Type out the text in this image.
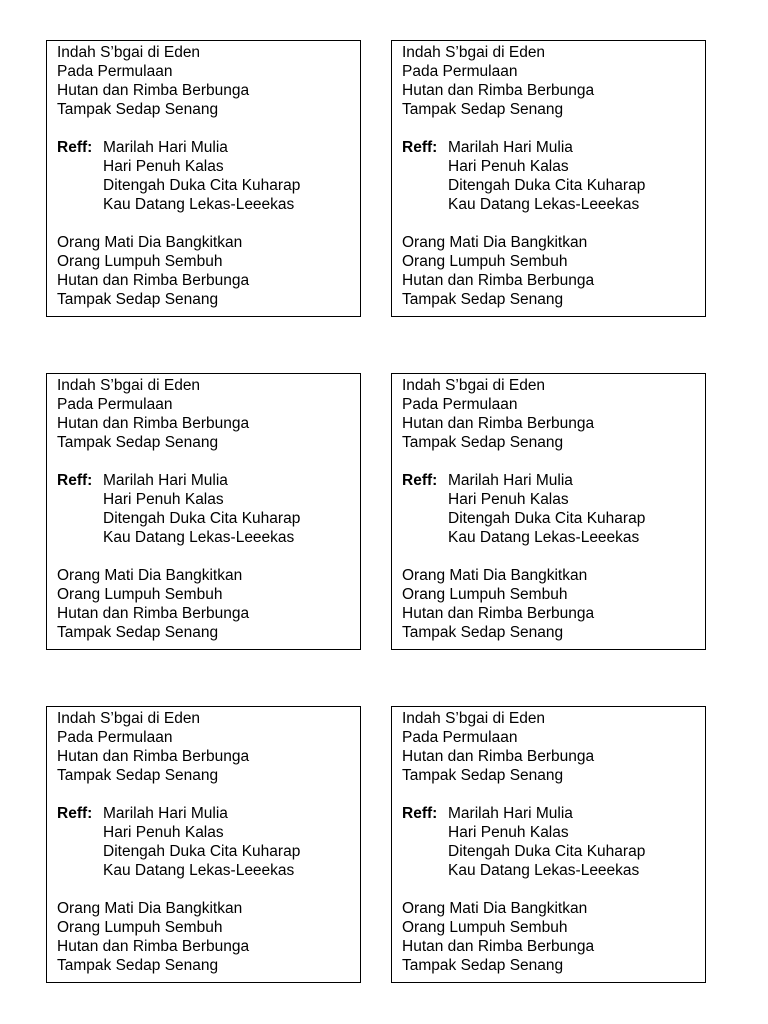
Indah S’bgai di Eden
Pada Permulaan
Hutan dan Rimba Berbunga
Tampak Sedap Senang
Reff: Marilah Hari Mulia
Hari Penuh Kalas
Ditengah Duka Cita Kuharap
Kau Datang Lekas-Leeekas
Orang Mati Dia Bangkitkan
Orang Lumpuh Sembuh
Hutan dan Rimba Berbunga
Tampak Sedap Senang
Indah S’bgai di Eden
Pada Permulaan
Hutan dan Rimba Berbunga
Tampak Sedap Senang
Reff: Marilah Hari Mulia
Hari Penuh Kalas
Ditengah Duka Cita Kuharap
Kau Datang Lekas-Leeekas
Orang Mati Dia Bangkitkan
Orang Lumpuh Sembuh
Hutan dan Rimba Berbunga
Tampak Sedap Senang
Indah S’bgai di Eden
Pada Permulaan
Hutan dan Rimba Berbunga
Tampak Sedap Senang
Reff: Marilah Hari Mulia
Hari Penuh Kalas
Ditengah Duka Cita Kuharap
Kau Datang Lekas-Leeekas
Orang Mati Dia Bangkitkan
Orang Lumpuh Sembuh
Hutan dan Rimba Berbunga
Tampak Sedap Senang
Indah S’bgai di Eden
Pada Permulaan
Hutan dan Rimba Berbunga
Tampak Sedap Senang
Reff: Marilah Hari Mulia
Hari Penuh Kalas
Ditengah Duka Cita Kuharap
Kau Datang Lekas-Leeekas
Orang Mati Dia Bangkitkan
Orang Lumpuh Sembuh
Hutan dan Rimba Berbunga
Tampak Sedap Senang
Indah S’bgai di Eden
Pada Permulaan
Hutan dan Rimba Berbunga
Tampak Sedap Senang
Reff: Marilah Hari Mulia
Hari Penuh Kalas
Ditengah Duka Cita Kuharap
Kau Datang Lekas-Leeekas
Orang Mati Dia Bangkitkan
Orang Lumpuh Sembuh
Hutan dan Rimba Berbunga
Tampak Sedap Senang
Indah S’bgai di Eden
Pada Permulaan
Hutan dan Rimba Berbunga
Tampak Sedap Senang
Reff: Marilah Hari Mulia
Hari Penuh Kalas
Ditengah Duka Cita Kuharap
Kau Datang Lekas-Leeekas
Orang Mati Dia Bangkitkan
Orang Lumpuh Sembuh
Hutan dan Rimba Berbunga
Tampak Sedap Senang
